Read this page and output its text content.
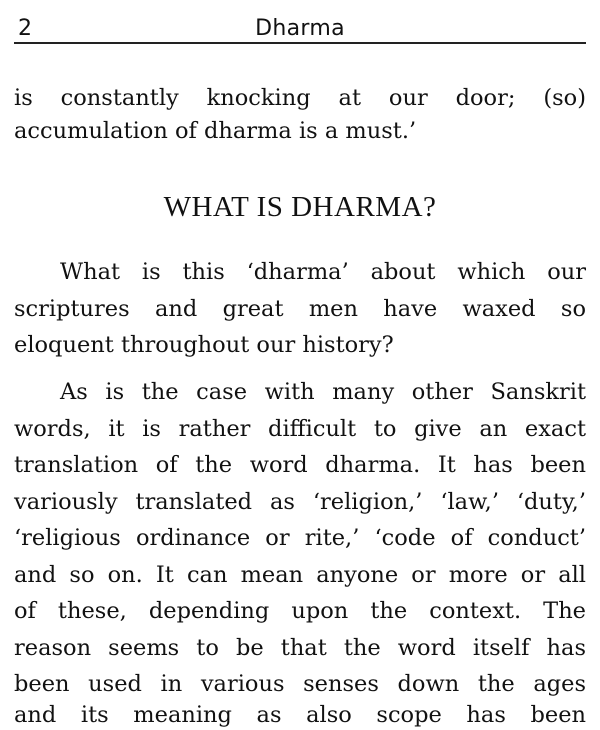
2	Dharma
is constantly knocking at our door; (so)
accumulation of dharma is a must.’
WHAT IS DHARMA?
What is this ‘dharma’ about which our
scriptures and great men have waxed so
eloquent throughout our history?
As is the case with many other Sanskrit
words, it is rather difficult to give an exact
translation of the word dharma. It has been
variously translated as ‘religion,’ ‘law,’ ‘duty,’
‘religious ordinance or rite,’ ‘code of conduct’
and so on. It can mean anyone or more or all
of these, depending upon the context. The
reason seems to be that the word itself has
been used in various senses down the ages
and its meaning as also scope has been
